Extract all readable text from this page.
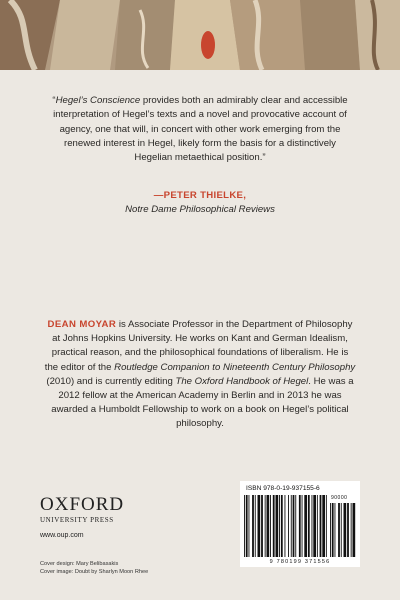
“Hegel’s Conscience provides both an admirably clear and accessible interpretation of Hegel’s texts and a novel and provocative account of agency, one that will, in concert with other work emerging from the renewed interest in Hegel, likely form the basis for a distinctively Hegelian metaethical position.”

—PETER THIELKE,
Notre Dame Philosophical Reviews
DEAN MOYAR is Associate Professor in the Department of Philosophy at Johns Hopkins University. He works on Kant and German Idealism, practical reason, and the philosophical foundations of liberalism. He is the editor of the Routledge Companion to Nineteenth Century Philosophy (2010) and is currently editing The Oxford Handbook of Hegel. He was a 2012 fellow at the American Academy in Berlin and in 2013 he was awarded a Humboldt Fellowship to work on a book on Hegel’s political philosophy.
OXFORD
UNIVERSITY PRESS
www.oup.com
Cover design: Mary Belibasakis
Cover image: Doubt by Sharlyn Moon Rhee
ISBN 978-0-19-937155-6
90000
9 780199 371556
